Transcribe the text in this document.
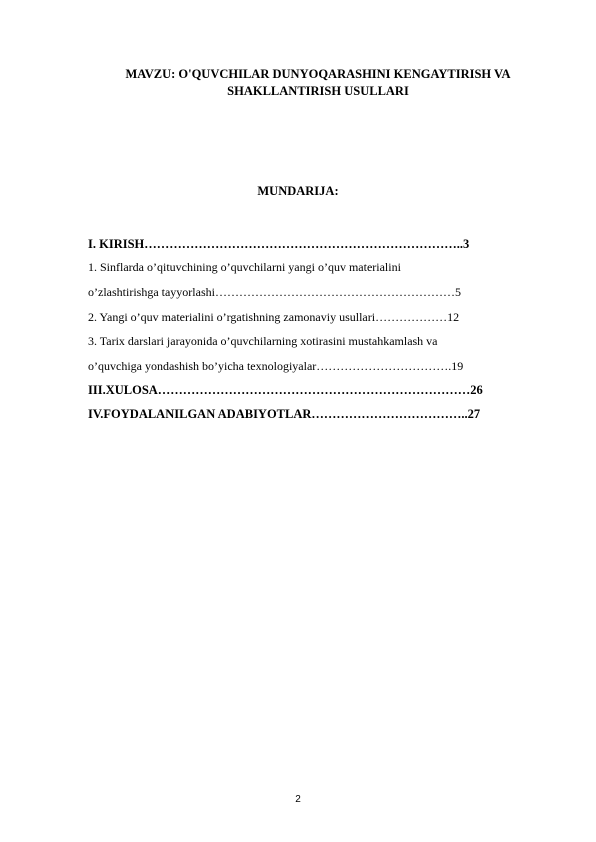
MAVZU: O'QUVCHILAR DUNYOQARASHINI KENGAYTIRISH VA
SHAKLLANTIRISH USULLARI
MUNDARIJA:
I. KIRISH…………………………………………………………………..3
1. Sinflarda o’qituvchining o’quvchilarni yangi o’quv materialini
o’zlashtirishga tayyorlashi……………………………………………………5
2. Yangi o’quv materialini o’rgatishning zamonaviy usullari………………12
3. Tarix darslari jarayonida o’quvchilarning xotirasini mustahkamlash va
o’quvchiga yondashish bo’yicha texnologiyalar…………………………….19
III.XULOSA…………………………………………………………………26
IV.FOYDALANILGAN ADABIYOTLAR………………………………..27
2
